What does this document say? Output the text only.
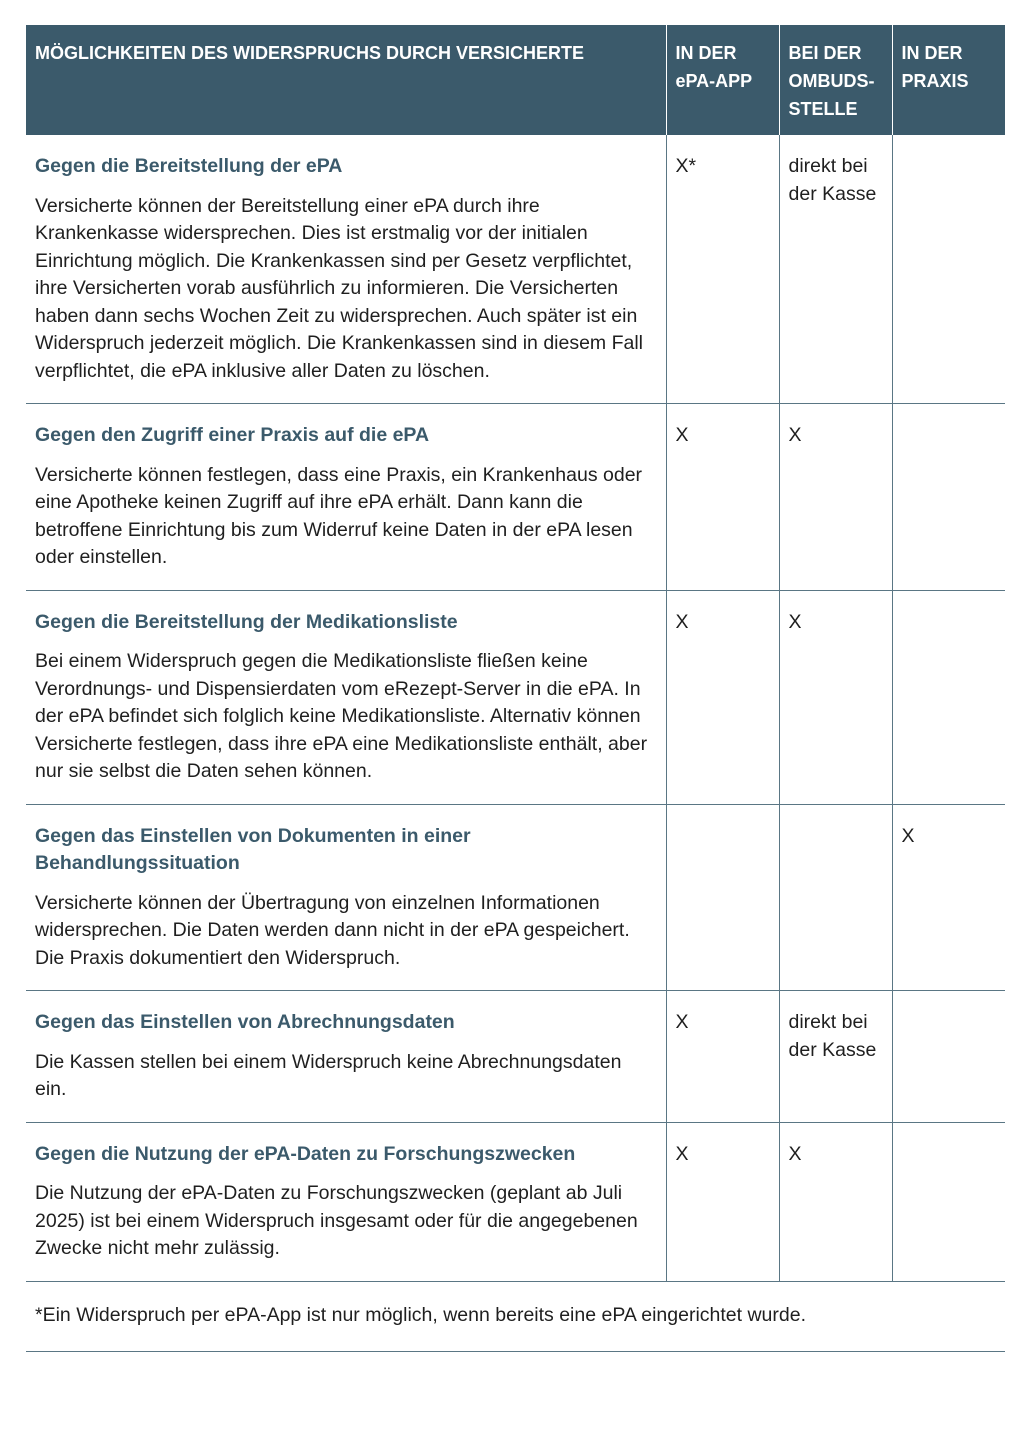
MÖGLICHKEITEN DES WIDERSPRUCHS DURCH VERSICHERTE	IN DER ePA-APP	BEI DER OMBUDS-STELLE	IN DER PRAXIS

Gegen die Bereitstellung der ePA
Versicherte können der Bereitstellung einer ePA durch ihre Krankenkasse widersprechen. Dies ist erstmalig vor der initialen Einrichtung möglich. Die Krankenkassen sind per Gesetz verpflichtet, ihre Versicherten vorab ausführlich zu informieren. Die Versicherten haben dann sechs Wochen Zeit zu widersprechen. Auch später ist ein Widerspruch jederzeit möglich. Die Krankenkassen sind in diesem Fall verpflichtet, die ePA inklusive aller Daten zu löschen.	X*	direkt bei der Kasse	

Gegen den Zugriff einer Praxis auf die ePA
Versicherte können festlegen, dass eine Praxis, ein Krankenhaus oder eine Apotheke keinen Zugriff auf ihre ePA erhält. Dann kann die betroffene Einrichtung bis zum Widerruf keine Daten in der ePA lesen oder einstellen.	X	X	

Gegen die Bereitstellung der Medikationsliste
Bei einem Widerspruch gegen die Medikationsliste fließen keine Verordnungs- und Dispensierdaten vom eRezept-Server in die ePA. In der ePA befindet sich folglich keine Medikationsliste. Alternativ können Versicherte festlegen, dass ihre ePA eine Medikationsliste enthält, aber nur sie selbst die Daten sehen können.	X	X	

Gegen das Einstellen von Dokumenten in einer Behandlungssituation
Versicherte können der Übertragung von einzelnen Informationen widersprechen. Die Daten werden dann nicht in der ePA gespeichert. Die Praxis dokumentiert den Widerspruch.			X

Gegen das Einstellen von Abrechnungsdaten
Die Kassen stellen bei einem Widerspruch keine Abrechnungsdaten ein.	X	direkt bei der Kasse	

Gegen die Nutzung der ePA-Daten zu Forschungszwecken
Die Nutzung der ePA-Daten zu Forschungszwecken (geplant ab Juli 2025) ist bei einem Widerspruch insgesamt oder für die angegebenen Zwecke nicht mehr zulässig.	X	X	
*Ein Widerspruch per ePA-App ist nur möglich, wenn bereits eine ePA eingerichtet wurde.
